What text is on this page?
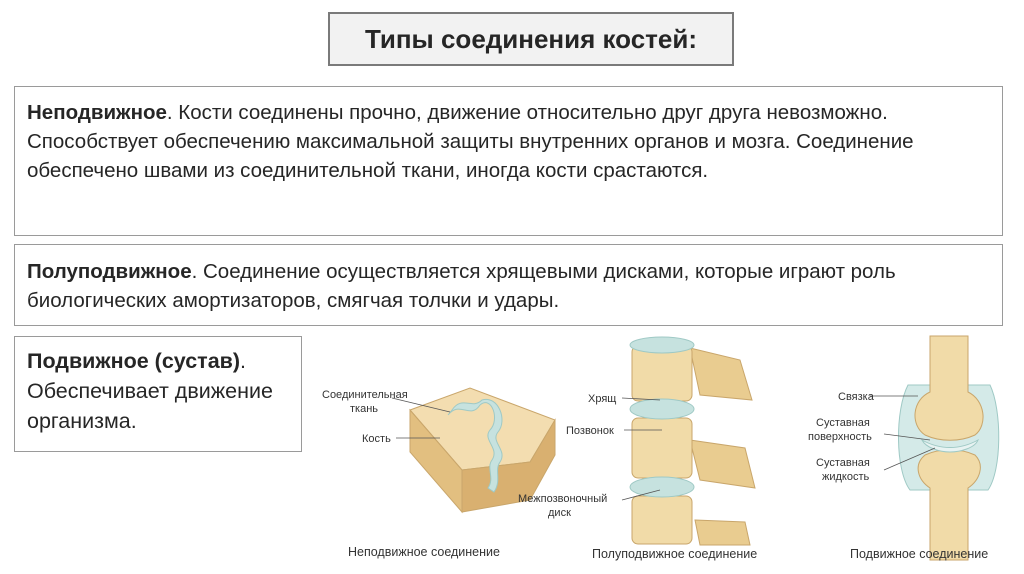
Типы соединения костей:
Неподвижное. Кости соединены прочно, движение относительно друг друга невозможно. Способствует обеспечению максимальной защиты внутренних органов и мозга. Соединение обеспечено швами из соединительной ткани, иногда кости срастаются.
Полуподвижное. Соединение осуществляется хрящевыми дисками, которые играют роль биологических амортизаторов, смягчая толчки и удары.
Подвижное (сустав). Обеспечивает движение организма.
Соединительная
ткань
Кость
Неподвижное соединение
Хрящ
Позвонок
Межпозвоночный
диск
Полуподвижное соединение
Связка
Суставная
поверхность
Суставная
жидкость
Подвижное соединение
